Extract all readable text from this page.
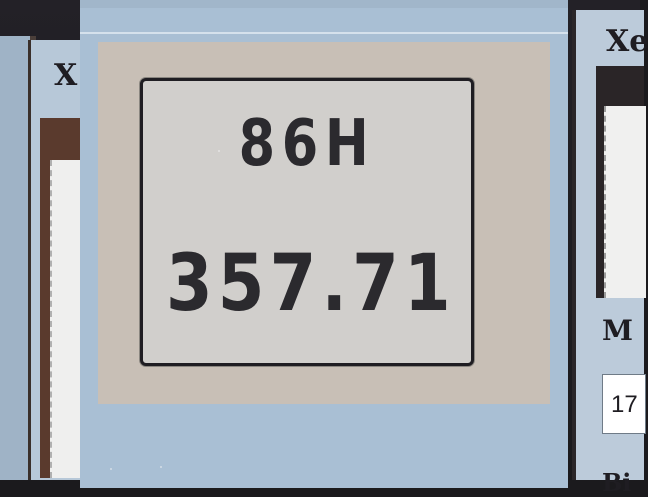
X
86H
357.71
Xe
M
17
Bi
